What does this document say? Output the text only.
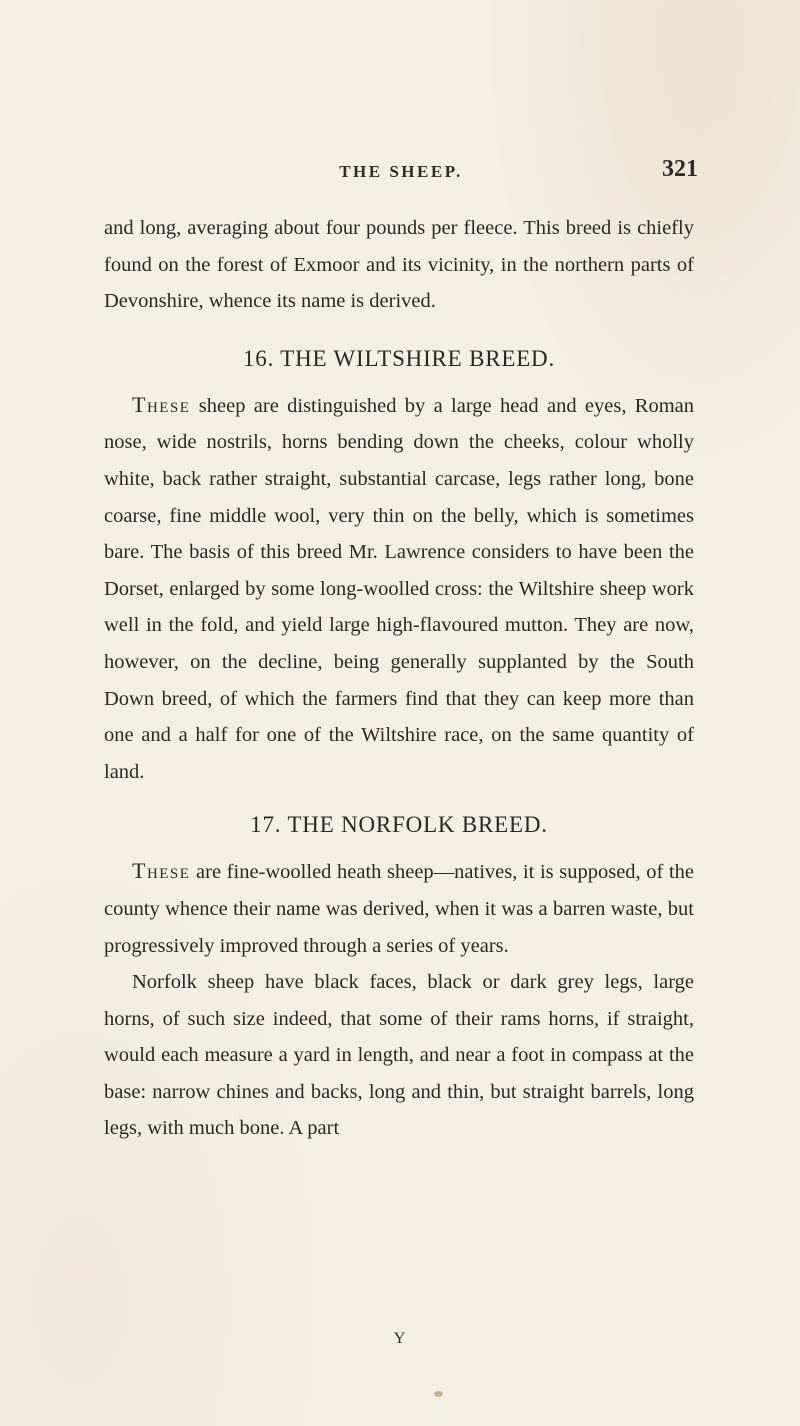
THE SHEEP.	321

and long, averaging about four pounds per fleece. This breed is chiefly found on the forest of Exmoor and its vicinity, in the northern parts of Devonshire, whence its name is derived.

16. THE WILTSHIRE BREED.

These sheep are distinguished by a large head and eyes, Roman nose, wide nostrils, horns bending down the cheeks, colour wholly white, back rather straight, substantial carcase, legs rather long, bone coarse, fine middle wool, very thin on the belly, which is sometimes bare. The basis of this breed Mr. Lawrence considers to have been the Dorset, enlarged by some long-woolled cross: the Wiltshire sheep work well in the fold, and yield large high-flavoured mutton. They are now, however, on the decline, being generally supplanted by the South Down breed, of which the farmers find that they can keep more than one and a half for one of the Wiltshire race, on the same quantity of land.

17. THE NORFOLK BREED.

These are fine-woolled heath sheep—natives, it is supposed, of the county whence their name was derived, when it was a barren waste, but progressively improved through a series of years.

Norfolk sheep have black faces, black or dark grey legs, large horns, of such size indeed, that some of their rams horns, if straight, would each measure a yard in length, and near a foot in compass at the base: narrow chines and backs, long and thin, but straight barrels, long legs, with much bone. A part

Y
